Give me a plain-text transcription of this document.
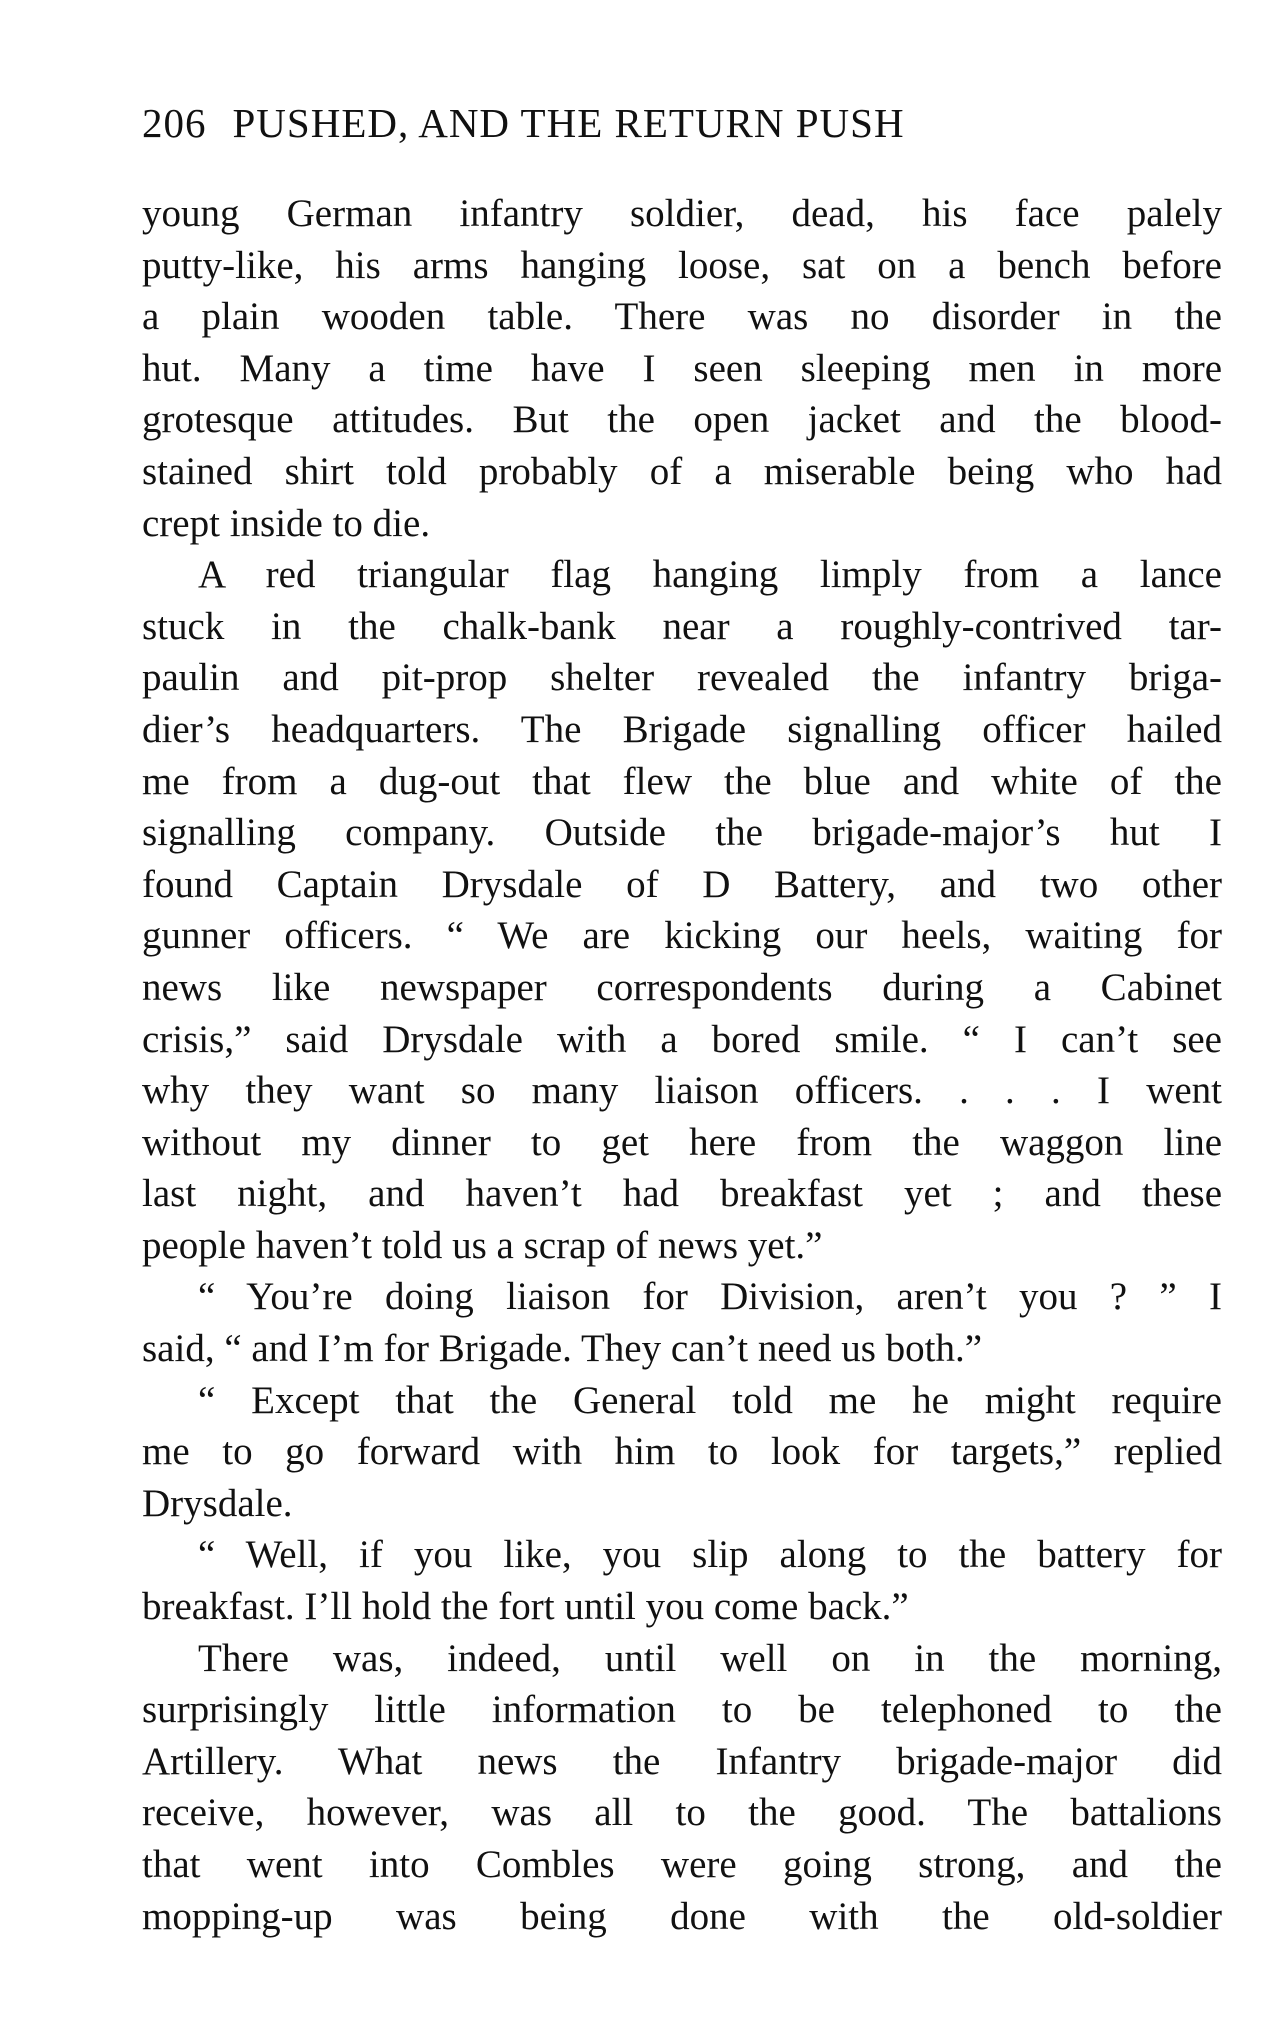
206 PUSHED, AND THE RETURN PUSH
young German infantry soldier, dead, his face palely
putty-like, his arms hanging loose, sat on a bench before
a plain wooden table. There was no disorder in the
hut. Many a time have I seen sleeping men in more
grotesque attitudes. But the open jacket and the blood-
stained shirt told probably of a miserable being who had
crept inside to die.
A red triangular flag hanging limply from a lance
stuck in the chalk-bank near a roughly-contrived tar-
paulin and pit-prop shelter revealed the infantry briga-
dier’s headquarters. The Brigade signalling officer hailed
me from a dug-out that flew the blue and white of the
signalling company. Outside the brigade-major’s hut I
found Captain Drysdale of D Battery, and two other
gunner officers. “ We are kicking our heels, waiting for
news like newspaper correspondents during a Cabinet
crisis,” said Drysdale with a bored smile. “ I can’t see
why they want so many liaison officers. . . . I went
without my dinner to get here from the waggon line
last night, and haven’t had breakfast yet ; and these
people haven’t told us a scrap of news yet.”
“ You’re doing liaison for Division, aren’t you ? ” I
said, “ and I’m for Brigade. They can’t need us both.”
“ Except that the General told me he might require
me to go forward with him to look for targets,” replied
Drysdale.
“ Well, if you like, you slip along to the battery for
breakfast. I’ll hold the fort until you come back.”
There was, indeed, until well on in the morning,
surprisingly little information to be telephoned to the
Artillery. What news the Infantry brigade-major did
receive, however, was all to the good. The battalions
that went into Combles were going strong, and the
mopping-up was being done with the old-soldier
